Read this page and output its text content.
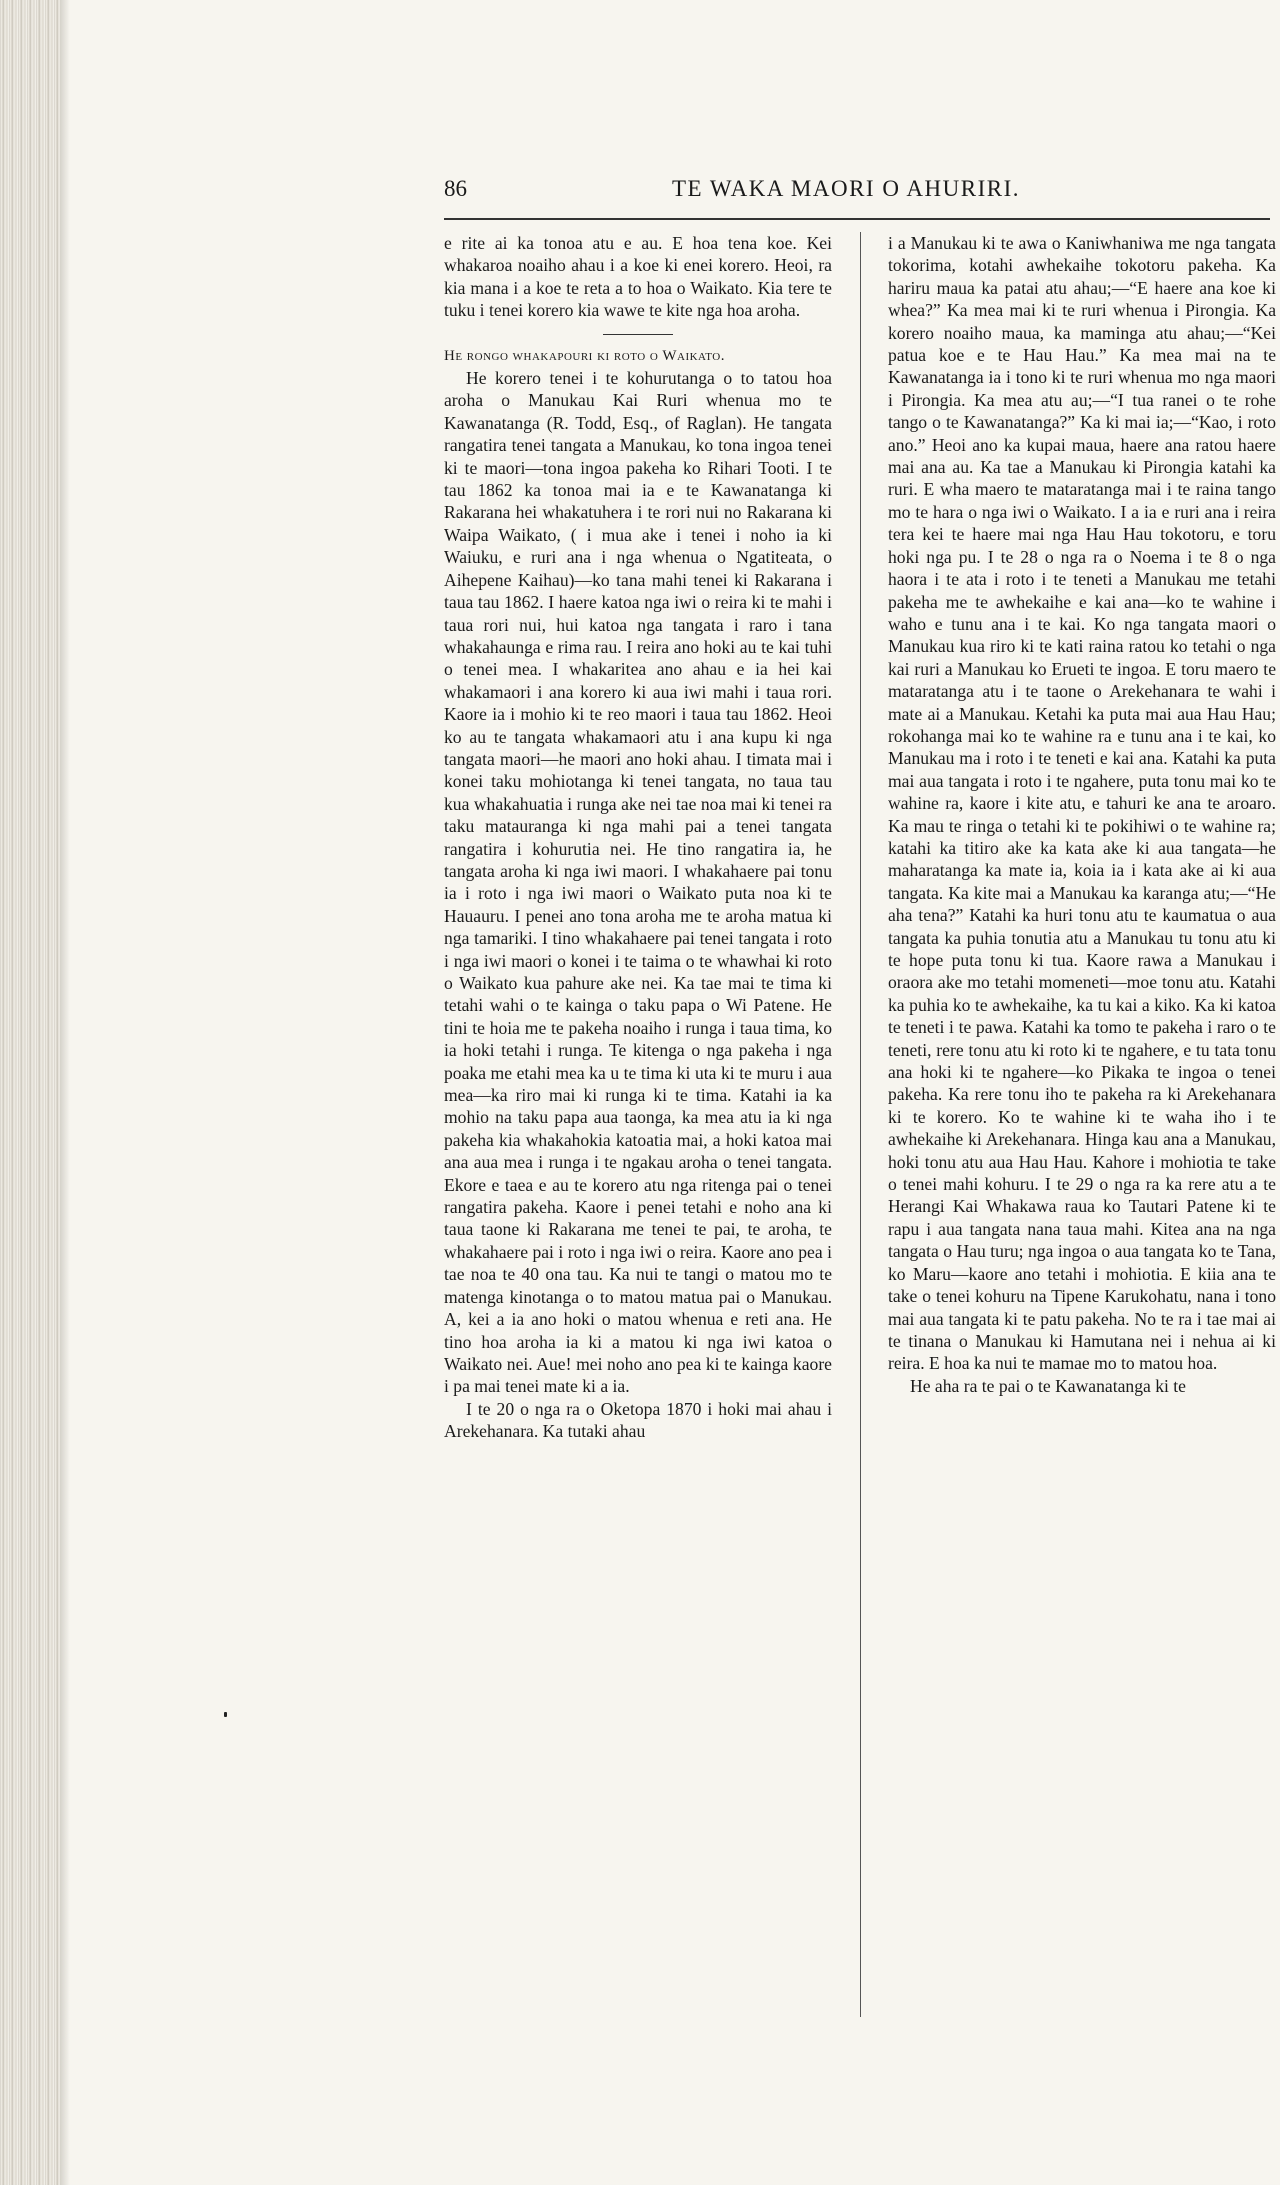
86	TE WAKA MAORI O AHURIRI.

e rite ai ka tonoa atu e au. E hoa tena koe. Kei whakaroa noaiho ahau i a koe ki enei korero. Heoi, ra kia mana i a koe te reta a to hoa o Waikato. Kia tere te tuku i tenei korero kia wawe te kite nga hoa aroha.

He rongo whakapouri ki roto o Waikato.

He korero tenei i te kohurutanga o to tatou hoa aroha o Manukau Kai Ruri whenua mo te Kawanatanga (R. Todd, Esq., of Raglan). He tangata rangatira tenei tangata a Manukau, ko tona ingoa tenei ki te maori—tona ingoa pakeha ko Rihari Tooti. I te tau 1862 ka tonoa mai ia e te Kawanatanga ki Rakarana hei whakatuhera i te rori nui no Rakarana ki Waipa Waikato, ( i mua ake i tenei i noho ia ki Waiuku, e ruri ana i nga whenua o Ngatiteata, o Aihepene Kaihau)—ko tana mahi tenei ki Rakarana i taua tau 1862. I haere katoa nga iwi o reira ki te mahi i taua rori nui, hui katoa nga tangata i raro i tana whakahaunga e rima rau. I reira ano hoki au te kai tuhi o tenei mea. I whakaritea ano ahau e ia hei kai whakamaori i ana korero ki aua iwi mahi i taua rori. Kaore ia i mohio ki te reo maori i taua tau 1862. Heoi ko au te tangata whakamaori atu i ana kupu ki nga tangata maori—he maori ano hoki ahau. I timata mai i konei taku mohiotanga ki tenei tangata, no taua tau kua whakahuatia i runga ake nei tae noa mai ki tenei ra taku matauranga ki nga mahi pai a tenei tangata rangatira i kohurutia nei. He tino rangatira ia, he tangata aroha ki nga iwi maori. I whakahaere pai tonu ia i roto i nga iwi maori o Waikato puta noa ki te Hauauru. I penei ano tona aroha me te aroha matua ki nga tamariki. I tino whakahaere pai tenei tangata i roto i nga iwi maori o konei i te taima o te whawhai ki roto o Waikato kua pahure ake nei. Ka tae mai te tima ki tetahi wahi o te kainga o taku papa o Wi Patene. He tini te hoia me te pakeha noaiho i runga i taua tima, ko ia hoki tetahi i runga. Te kitenga o nga pakeha i nga poaka me etahi mea ka u te tima ki uta ki te muru i aua mea—ka riro mai ki runga ki te tima. Katahi ia ka mohio na taku papa aua taonga, ka mea atu ia ki nga pakeha kia whakahokia katoatia mai, a hoki katoa mai ana aua mea i runga i te ngakau aroha o tenei tangata. Ekore e taea e au te korero atu nga ritenga pai o tenei rangatira pakeha. Kaore i penei tetahi e noho ana ki taua taone ki Rakarana me tenei te pai, te aroha, te whakahaere pai i roto i nga iwi o reira. Kaore ano pea i tae noa te 40 ona tau. Ka nui te tangi o matou mo te matenga kinotanga o to matou matua pai o Manukau. A, kei a ia ano hoki o matou whenua e reti ana. He tino hoa aroha ia ki a matou ki nga iwi katoa o Waikato nei. Aue! mei noho ano pea ki te kainga kaore i pa mai tenei mate ki a ia.

I te 20 o nga ra o Oketopa 1870 i hoki mai ahau i Arekehanara. Ka tutaki ahau

i a Manukau ki te awa o Kaniwhaniwa me nga tangata tokorima, kotahi awhekaihe tokotoru pakeha. Ka hariru maua ka patai atu ahau;—“E haere ana koe ki whea?” Ka mea mai ki te ruri whenua i Pirongia. Ka korero noaiho maua, ka maminga atu ahau;—“Kei patua koe e te Hau Hau.” Ka mea mai na te Kawanatanga ia i tono ki te ruri whenua mo nga maori i Pirongia. Ka mea atu au;—“I tua ranei o te rohe tango o te Kawanatanga?” Ka ki mai ia;—“Kao, i roto ano.” Heoi ano ka kupai maua, haere ana ratou haere mai ana au. Ka tae a Manukau ki Pirongia katahi ka ruri. E wha maero te mataratanga mai i te raina tango mo te hara o nga iwi o Waikato. I a ia e ruri ana i reira tera kei te haere mai nga Hau Hau tokotoru, e toru hoki nga pu. I te 28 o nga ra o Noema i te 8 o nga haora i te ata i roto i te teneti a Manukau me tetahi pakeha me te awhekaihe e kai ana—ko te wahine i waho e tunu ana i te kai. Ko nga tangata maori o Manukau kua riro ki te kati raina ratou ko tetahi o nga kai ruri a Manukau ko Erueti te ingoa. E toru maero te mataratanga atu i te taone o Arekehanara te wahi i mate ai a Manukau. Ketahi ka puta mai aua Hau Hau; rokohanga mai ko te wahine ra e tunu ana i te kai, ko Manukau ma i roto i te teneti e kai ana. Katahi ka puta mai aua tangata i roto i te ngahere, puta tonu mai ko te wahine ra, kaore i kite atu, e tahuri ke ana te aroaro. Ka mau te ringa o tetahi ki te pokihiwi o te wahine ra; katahi ka titiro ake ka kata ake ki aua tangata—he maharatanga ka mate ia, koia ia i kata ake ai ki aua tangata. Ka kite mai a Manukau ka karanga atu;—“He aha tena?” Katahi ka huri tonu atu te kaumatua o aua tangata ka puhia tonutia atu a Manukau tu tonu atu ki te hope puta tonu ki tua. Kaore rawa a Manukau i oraora ake mo tetahi momeneti—moe tonu atu. Katahi ka puhia ko te awhekaihe, ka tu kai a kiko. Ka ki katoa te teneti i te pawa. Katahi ka tomo te pakeha i raro o te teneti, rere tonu atu ki roto ki te ngahere, e tu tata tonu ana hoki ki te ngahere—ko Pikaka te ingoa o tenei pakeha. Ka rere tonu iho te pakeha ra ki Arekehanara ki te korero. Ko te wahine ki te waha iho i te awhekaihe ki Arekehanara. Hinga kau ana a Manukau, hoki tonu atu aua Hau Hau. Kahore i mohiotia te take o tenei mahi kohuru. I te 29 o nga ra ka rere atu a te Herangi Kai Whakawa raua ko Tautari Patene ki te rapu i aua tangata nana taua mahi. Kitea ana na nga tangata o Hau turu; nga ingoa o aua tangata ko te Tana, ko Maru—kaore ano tetahi i mohiotia. E kiia ana te take o tenei kohuru na Tipene Karukohatu, nana i tono mai aua tangata ki te patu pakeha. No te ra i tae mai ai te tinana o Manukau ki Hamutana nei i nehua ai ki reira. E hoa ka nui te mamae mo to matou hoa.

He aha ra te pai o te Kawanatanga ki te
